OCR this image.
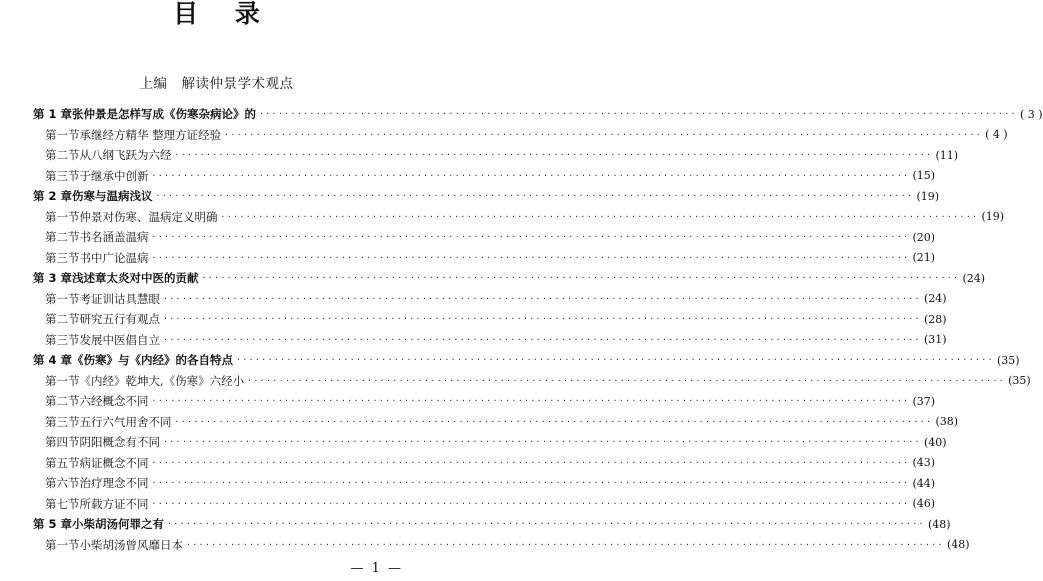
目 录
上编 解读仲景学术观点
第 1 章 张仲景是怎样写成《伤寒杂病论》的 ························································································································ ( 3 )
第一节 承继经方精华 整理方证经验 ························································································································ ( 4 )
第二节 从八纲飞跃为六经 ························································································································ (11)
第三节 于继承中创新 ························································································································ (15)
第 2 章 伤寒与温病浅议 ························································································································ (19)
第一节 仲景对伤寒、温病定义明确 ························································································································ (19)
第二节 书名涵盖温病 ························································································································ (20)
第三节 书中广论温病 ························································································································ (21)
第 3 章 浅述章太炎对中医的贡献 ························································································································ (24)
第一节 考证训诂具慧眼 ························································································································ (24)
第二节 研究五行有观点 ························································································································ (28)
第三节 发展中医倡自立 ························································································································ (31)
第 4 章 《伤寒》与《内经》的各自特点 ························································································································ (35)
第一节 《内经》乾坤大,《伤寒》六经小 ························································································································ (35)
第二节 六经概念不同 ························································································································ (37)
第三节 五行六气用舍不同 ························································································································ (38)
第四节 阴阳概念有不同 ························································································································ (40)
第五节 病证概念不同 ························································································································ (43)
第六节 治疗理念不同 ························································································································ (44)
第七节 所载方证不同 ························································································································ (46)
第 5 章 小柴胡汤何罪之有 ························································································································ (48)
第一节 小柴胡汤曾风靡日本 ························································································································ (48)
— 1 —
